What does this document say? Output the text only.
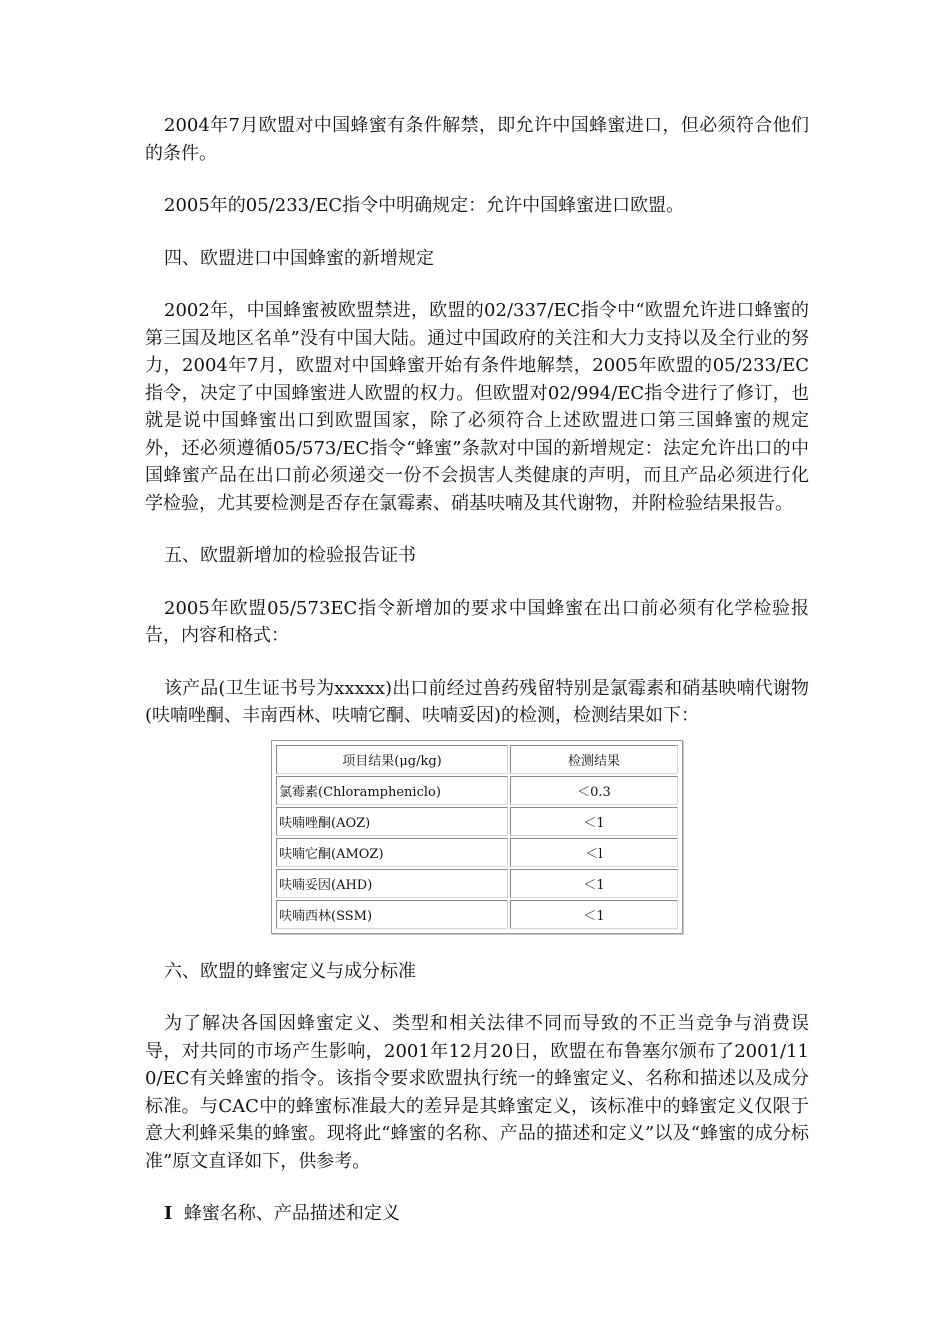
2004年7月欧盟对中国蜂蜜有条件解禁，即允许中国蜂蜜进口，但必须符合他们的条件。

2005年的05/233/EC指令中明确规定：允许中国蜂蜜进口欧盟。

四、欧盟进口中国蜂蜜的新增规定

2002年，中国蜂蜜被欧盟禁进，欧盟的02/337/EC指令中“欧盟允许进口蜂蜜的第三国及地区名单”没有中国大陆。通过中国政府的关注和大力支持以及全行业的努力，2004年7月，欧盟对中国蜂蜜开始有条件地解禁，2005年欧盟的05/233/EC指令，决定了中国蜂蜜进人欧盟的权力。但欧盟对02/994/EC指令进行了修订，也就是说中国蜂蜜出口到欧盟国家，除了必须符合上述欧盟进口第三国蜂蜜的规定外，还必须遵循05/573/EC指令“蜂蜜”条款对中国的新增规定：法定允许出口的中国蜂蜜产品在出口前必须递交一份不会损害人类健康的声明，而且产品必须进行化学检验，尤其要检测是否存在氯霉素、硝基呋喃及其代谢物，并附检验结果报告。

五、欧盟新增加的检验报告证书

2005年欧盟05/573EC指令新增加的要求中国蜂蜜在出口前必须有化学检验报告，内容和格式：

该产品(卫生证书号为xxxxx)出口前经过兽药残留特别是氯霉素和硝基映喃代谢物(呋喃唑酮、丰南西林、呋喃它酮、呋喃妥因)的检测，检测结果如下：

项目结果(μg/kg)	检测结果
氯霉素(Chloramphenicl​o)	＜0.3
呋喃唑酮(AOZ)	＜1
呋喃它酮(AMOZ)	＜l
呋喃妥因(AHD)	＜1
呋喃西林(SSM)	＜1

六、欧盟的蜂蜜定义与成分标准

为了解决各国因蜂蜜定义、类型和相关法律不同而导致的不正当竞争与消费误导，对共同的市场产生影响，2001年12月20日，欧盟在布鲁塞尔颁布了2001/110/EC有关蜂蜜的指令。该指令要求欧盟执行统一的蜂蜜定义、名称和描述以及成分标准。与CAC中的蜂蜜标准最大的差异是其蜂蜜定义，该标准中的蜂蜜定义仅限于意大利蜂采集的蜂蜜。现将此“蜂蜜的名称、产品的描述和定义”以及“蜂蜜的成分标准”原文直译如下，供参考。

I 蜂蜜名称、产品描述和定义
